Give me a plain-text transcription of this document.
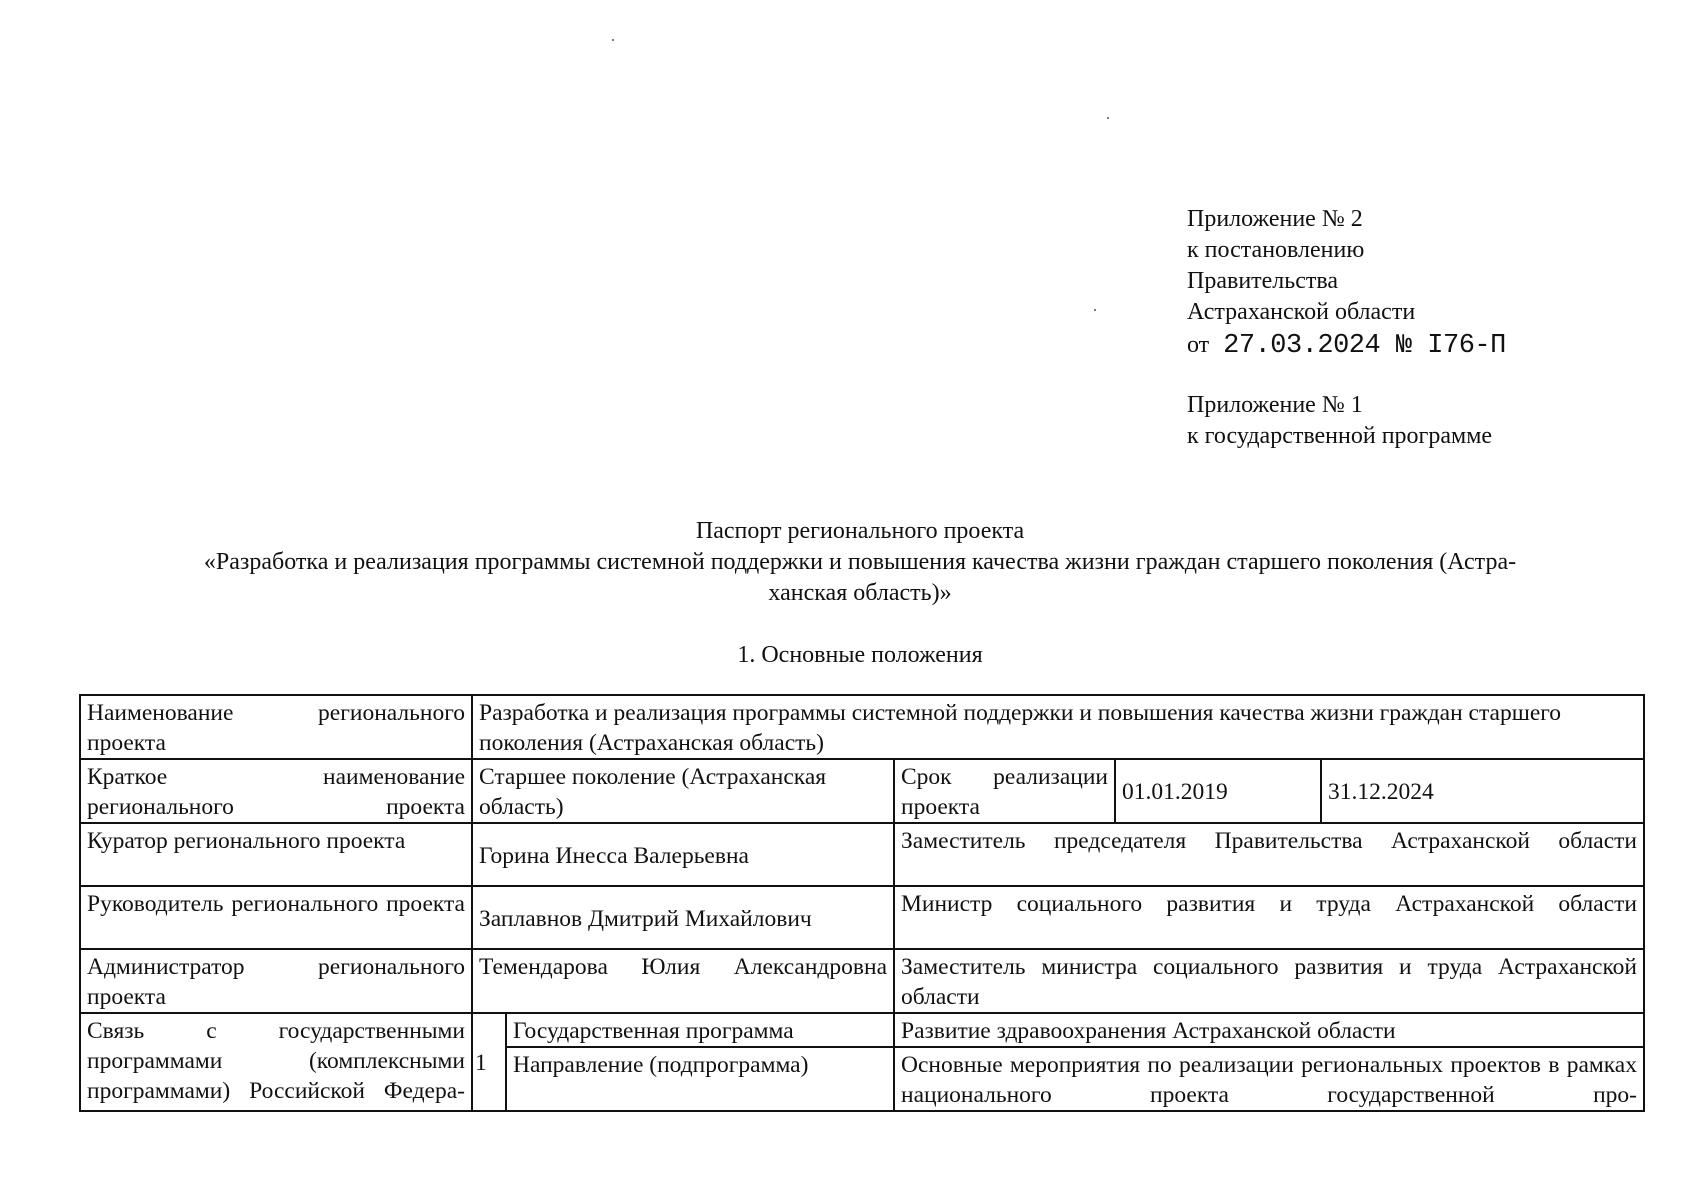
Приложение № 2
к постановлению
Правительства
Астраханской области
от 27.03.2024 № I76-П
Приложение № 1
к государственной программе
Паспорт регионального проекта
«Разработка и реализация программы системной поддержки и повышения качества жизни граждан старшего поколения (Астра-
ханская область)»
1. Основные положения
Наименование регионального проекта	Разработка и реализация программы системной поддержки и повышения качества жизни граждан старшего поколения (Астраханская область)				
Краткое наименование регионального проекта	Старшее поколение (Астраханская область)		Срок реализации проекта	01.01.2019	31.12.2024
Куратор регионального проекта	Горина Инесса Валерьевна		Заместитель председателя Правительства Астраханской области		
Руководитель регионального проекта	Заплавнов Дмитрий Михайлович		Министр социального развития и труда Астраханской области		
Администратор регионального проекта	Темендарова Юлия Александровна		Заместитель министра социального развития и труда Астраханской области		
Связь с государственными программами (комплексными программами) Российской Федера-	1	Государственная программа	Развитие здравоохранения Астраханской области		
		Направление (подпрограмма)	Основные мероприятия по реализации региональных проектов в рамках национального проекта государственной про-		
